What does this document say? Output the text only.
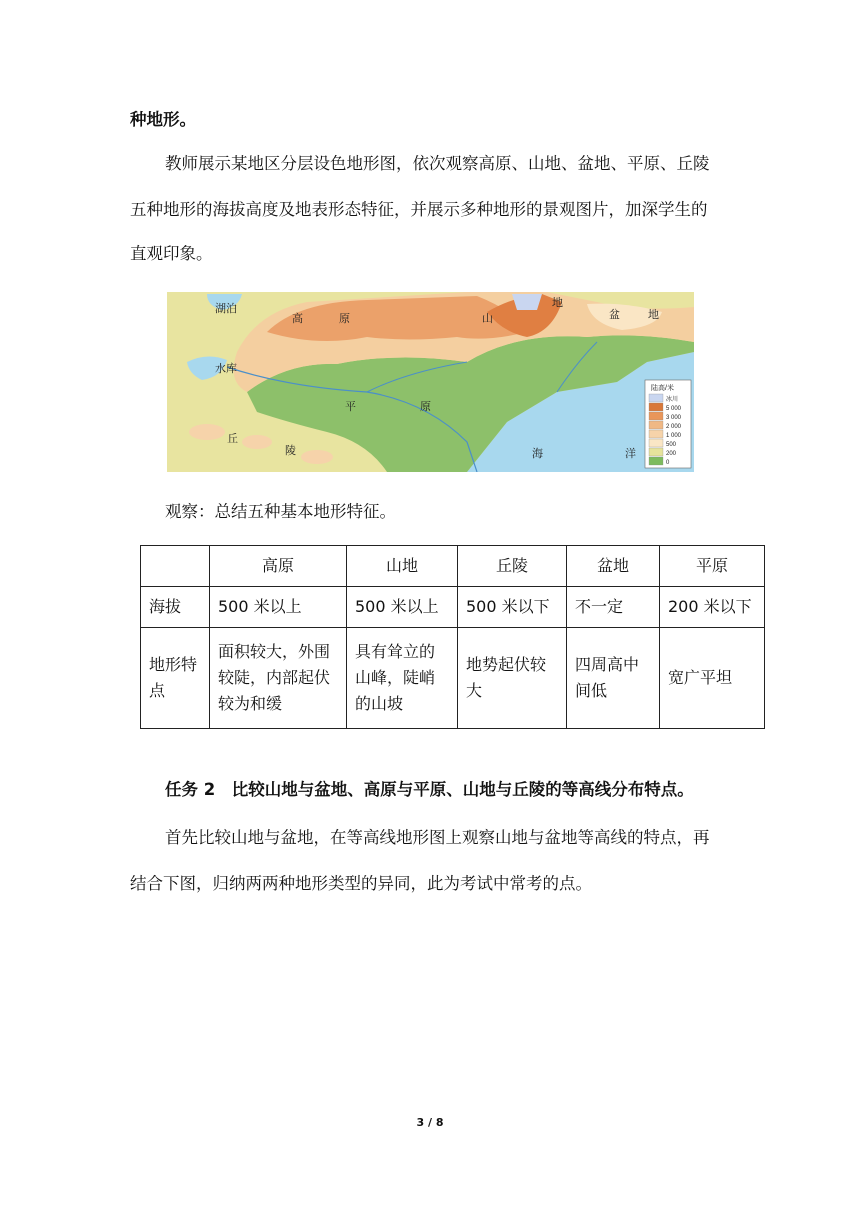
种地形。
教师展示某地区分层设色地形图，依次观察高原、山地、盆地、平原、丘陵
五种地形的海拔高度及地表形态特征，并展示多种地形的景观图片，加深学生的
直观印象。
湖泊
高	原	山
地
盆	地
水库
平	原
丘
陵	海	洋
陆高/米
冰川
5 000
3 000
2 000
1 000
500
200
0
观察：总结五种基本地形特征。
	高原	山地	丘陵	盆地	平原
海拔	500 米以上	500 米以上	500 米以下	不一定	200 米以下
地形特点	面积较大，外围较陡，内部起伏较为和缓	具有耸立的山峰，陡峭的山坡	地势起伏较大	四周高中间低	宽广平坦
任务 2　比较山地与盆地、高原与平原、山地与丘陵的等高线分布特点。
首先比较山地与盆地，在等高线地形图上观察山地与盆地等高线的特点，再
结合下图，归纳两两种地形类型的异同，此为考试中常考的点。
3 / 8
